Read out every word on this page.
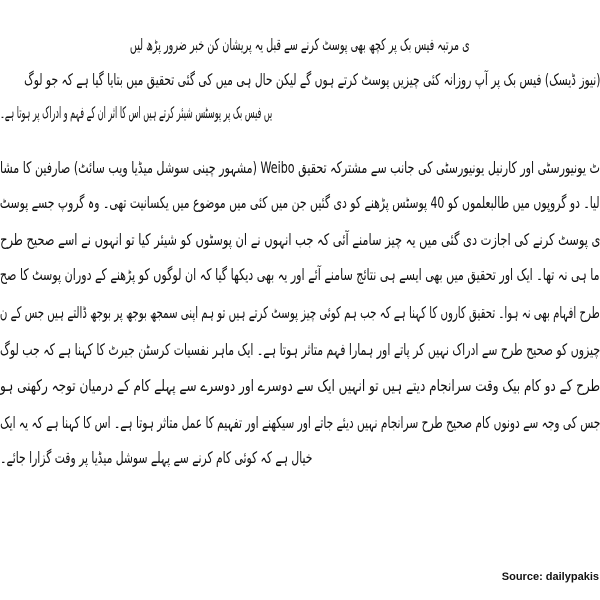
ی مرتبہ فیس بک پر کچھ بھی پوسٹ کرنے سے قبل یہ پریشان کن خبر ضرور پڑھ لیں
(نیوز ڈیسک) فیس بک پر آپ روزانہ کئی چیزیں پوسٹ کرتے ہوں گے لیکن حال ہی میں کی گئی تحقیق میں بتایا گیا ہے کہ جو لوگ
یں فیس بک پر پوسٹس شیئر کرتے ہیں اس کا اثر ان کے فہم و ادراک پر ہوتا ہے۔
ٹ یونیورسٹی اور کارنیل یونیورسٹی کی جانب سے مشترکہ تحقیق Weibo (مشہور چینی سوشل میڈیا ویب سائٹ) صارفین کا مشا
لیا۔ دو گروپوں میں طالبعلموں کو 40 پوسٹس پڑھنے کو دی گئیں جن میں کئی میں موضوع میں یکسانیت تھی۔ وہ گروپ جسے پوسٹ
ی پوسٹ کرنے کی اجازت دی گئی میں یہ چیز سامنے آئی کہ جب انہوں نے ان پوسٹوں کو شیئر کیا تو انہوں نے اسے صحیح طرح
ما ہی نہ تھا۔ ایک اور تحقیق میں بھی ایسے ہی نتائج سامنے آئے اور یہ بھی دیکھا گیا کہ ان لوگوں کو پڑھنے کے دوران پوسٹ کا صح
طرح افہام بھی نہ ہوا۔ تحقیق کاروں کا کہنا ہے کہ جب ہم کوئی چیز پوسٹ کرتے ہیں تو ہم اپنی سمجھ بوجھ پر بوجھ ڈالتے ہیں جس کے ن
چیزوں کو صحیح طرح سے ادراک نہیں کر پاتے اور ہمارا فہم متاثر ہوتا ہے۔ ایک ماہر نفسیات کرسٹن جیرٹ کا کہنا ہے کہ جب لوگ
طرح کے دو کام بیک وقت سرانجام دیتے ہیں تو انہیں ایک سے دوسرے اور دوسرے سے پہلے کام کے درمیان توجہ رکھنی ہو
جس کی وجہ سے دونوں کام صحیح طرح سرانجام نہیں دیئے جاتے اور سیکھنے اور تفہیم کا عمل متاثر ہوتا ہے۔ اس کا کہنا ہے کہ یہ ایک
خیال ہے کہ کوئی کام کرنے سے پہلے سوشل میڈیا پر وقت گزارا جائے۔
Source: dailypakis
